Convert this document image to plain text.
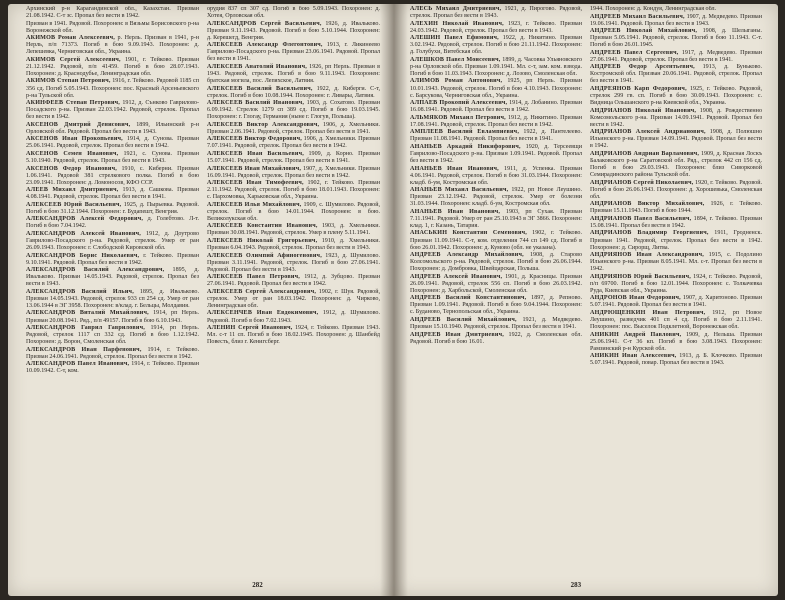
Архинский р-н Карагандинской обл., Казахстан. Призван 21.08.1942. С-т зс. Пропал без вести в 1942.
Призван в 1941. Рядовой. Похоронен: в Вязьмы Борисовского р-на Воронежской обл.
АКИМОВ Роман Алексеевич, р. Нерль. Призван в 1941, р-н Нерль, п/п 71373. Погиб в бою 9.09.1943. Похоронен: д. Лепешевка, Черниговская обл., Украина.
АКИМОВ Сергей Алексеевич, 1901, г. Тейково. Призван 21.12.1942. Рядовой, п/п 41459. Погиб в бою 28.07.1943. Похоронен: д. Краснодубье, Ленинградская обл.
АКИМОВ Степан Петрович, 1916, г. Тейково. Рядовой 1185 сп 356 сд. Погиб 5.05.1943. Похоронен: пос. Красный Арсеньевского р-на Тульской обл.
АКИНФЕЕВ Степан Петрович, 1912, д. Сънково Гаврилово-Посадского р-на. Призван 22.03.1942. Рядовой, стрелок. Пропал без вести в 1942.
АКСЕНОВ Дмитрий Денисович, 1899, Ильинский р-н Орловской обл. Рядовой. Пропал без вести в 1943.
АКСЕНОВ Иван Прокопьевич, 1914, д. Сунова. Призван 25.06.1941. Рядовой, стрелок. Пропал без вести в 1942.
АКСЕНОВ Семен Иванович, 1921, с. Сунова. Призван 5.10.1940. Рядовой, стрелок. Пропал без вести в 1943.
АКСЕНОВ Федор Иванович, 1910, с. Киберни. Призван 1.06.1941. Рядовой 381 стрелкового полка. Погиб в бою 23.09.1941. Похоронен: д. Ломоносов, КФО ССР.
АЛЕЕВ Михаил Дмитриевич, 1913, д. Сашкова. Призван 4.08.1941. Рядовой, стрелок. Пропал без вести в 1941.
АЛЕКСЕЕВ Юрий Васильевич, 1925, д. Пырьевка. Рядовой. Погиб в бою 31.12.1944. Похоронен: г. Будапешт, Венгрия.
АЛЕКСАНДРОВ Алексей Федорович, д. Голебтово. Л-т. Погиб в бою 7.04.1942.
АЛЕКСАНДРОВ Алексей Иванович, 1912, д. Доутрово Гаврилово-Посадского р-на. Рядовой, стрелок. Умер от ран 26.09.1943. Похоронен: г. Слободской Кировской обл.
АЛЕКСАНДРОВ Борис Николаевич, г. Тейково. Призван 9.10.1941. Рядовой. Пропал без вести в 1942.
АЛЕКСАНДРОВ Василий Александрович, 1895, д. Ивальково. Призван 14.05.1943. Рядовой, стрелок. Пропал без вести в 1943.
АЛЕКСАНДРОВ Василий Ильич, 1895, д. Ивальково. Призван 14.05.1943. Рядовой, стрелок 933 сп 254 сд. Умер от ран 13.06.1944 в ЭГ 3958. Похоронен: в/клад. г. Бельцы, Молдавия.
АЛЕКСАНДРОВ Виталий Михайлович, 1914, рп Нерль. Призван 20.08.1941. Ряд., п/п 49157. Погиб в бою 6.10.1943.
АЛЕКСАНДРОВ Гаврил Гаврилович, 1914, рп Нерль. Рядовой, стрелок 1117 сп 332 сд. Погиб в бою 1.12.1942. Похоронен: д. Ворон, Смоленская обл.
АЛЕКСАНДРОВ Иван Парфенович, 1914, г. Тейково. Призван 24.06.1941. Рядовой, стрелок. Пропал без вести в 1942.
АЛЕКСАНДРОВ Павел Иванович, 1914, г. Тейково. Призван 10.09.1942. С-т, ком.
орудия 837 сп 307 сд. Погиб в бою 5.09.1943. Похоронен: д. Хотея, Орловская обл.
АЛЕКСАНДРОВ Сергей Васильевич, 1926, д. Ивальково. Призван 9.11.1943. Рядовой. Погиб в бою 5.10.1944. Похоронен: д. Керешегд, Венгрия.
АЛЕКСЕЕВ Александр Флегонтович, 1913, г. Ликинеево Гаврилово-Посадского р-на. Призван 23.06.1941. Рядовой. Пропал без вести в 1941.
АЛЕКСЕЕВ Анатолий Иванович, 1926, рп Нерль. Призван в 1943. Рядовой, стрелок. Погиб в бою 9.11.1943. Похоронен: братская могила, пос. Лепяхское, Латвия.
АЛЕКСЕЕВ Василий Васильевич, 1922, д. Киберги. С-т, стрелок. Погиб в бою 10.08.1944. Похоронен: г. Ливары, Латвия.
АЛЕКСЕЕВ Василий Иванович, 1903, д. Сохатово. Призван 6.09.1942. Стрелок 1279 сп 389 сд. Погиб в бою 19.03.1945. Похоронен: г. Глогау, Германия (ныне г. Глогув, Польша).
АЛЕКСЕЕВ Виктор Александрович, 1906, д. Хмельники. Призван 2.06.1941. Рядовой, стрелок. Пропал без вести в 1941.
АЛЕКСЕЕВ Виктор Федорович, 1906, д. Хмельники. Призван 7.07.1941. Рядовой, стрелок. Пропал без вести в 1942.
АЛЕКСЕЕВ Иван Васильевич, 1909, д. Корно. Призван 15.07.1941. Рядовой, стрелок. Пропал без вести в 1941.
АЛЕКСЕЕВ Иван Михайлович, 1907, д. Хмельники. Призван 16.09.1941. Рядовой, стрелок. Пропал без вести в 1942.
АЛЕКСЕЕВ Иван Тимофеевич, 1902, г. Тейково. Призван 2.11.1942. Рядовой, стрелок. Погиб в бою 18.01.1943. Похоронен: с. Пархомовка, Харьковская обл., Украина.
АЛЕКСЕЕВ Илья Михайлович, 1909, с. Шумилово. Рядовой, стрелок. Погиб в бою 14.01.1944. Похоронен: в бою. Великолукская обл.
АЛЕКСЕЕВ Константин Иванович, 1903, д. Хмельники. Призван 30.08.1941. Рядовой, стрелок. Умер в плену 5.11.1941.
АЛЕКСЕЕВ Николай Григорьевич, 1910, д. Хмельники. Призван 6.04.1943. Рядовой, стрелок. Пропал без вести в 1943.
АЛЕКСЕЕВ Олимпий Афиногенович, 1923, д. Шумилово. Призван 3.11.1941. Рядовой, стрелок. Погиб в бою 27.06.1941. Рядовой. Пропал без вести в 1943.
АЛЕКСЕЕВ Павел Петрович, 1912, д. Зубцово. Призван 27.06.1941. Рядовой. Пропал без вести в 1942.
АЛЕКСЕЕВ Сергей Александрович, 1902, г. Шуя. Рядовой, стрелок. Умер от ран 18.03.1942. Похоронен: д. Чирково, Ленинградская обл.
АЛЕКСЕНЧЕВ Иван Евдокимович, 1912, д. Шумилово. Рядовой. Погиб в бою 7.02.1943.
АЛЕНИН Сергей Иванович, 1924, г. Тейково. Призван 1943. Мл. с-т 11 сп. Погиб в бою 18.02.1945. Похоронен: д. Шанбейд Повесть, близ г. Кенигсберг.
282
АЛЕСЬ Михаил Дмитриевич, 1921, д. Пирогово. Рядовой, стрелок. Пропал без вести в 1943.
АЛЕХИН Николай Иванович, 1923, г. Тейково. Призван 24.03.1942. Рядовой, стрелок. Пропал без вести в 1943.
АЛЕШИН Павел Ефимович, 1922, д. Никитино. Призван 3.02.1942. Рядовой, стрелок. Погиб в бою 21.11.1942. Похоронен: д. Голубухи, Витебская обл.
АЛЕШКОВ Павел Моисеевич, 1899, д. Часовка Ульяновского р-на Орловской обл. Призван 1.09.1941. Мл. с-т, зам. ком. взвода. Погиб в бою 11.03.1943. Похоронен: д. Лозово, Смоленская обл.
АЛИМОВ Роман Антонович, 1925, рп Нерль. Призван 10.01.1943. Рядовой, стрелок. Погиб в бою 4.10.1943. Похоронен: с. Барсукова, Черниговская обл., Украина.
АЛПАЕВ Прокопий Алексеевич, 1914, д. Лобанино. Призван 16.08.1941. Рядовой. Пропал без вести в 1942.
АЛЬМЯКОВ Михаил Петрович, 1912, д. Никитино. Призван 17.08.1941. Рядовой, стрелок. Пропал без вести в 1942.
АМПЛЕЕВ Василий Евлампиевич, 1922, д. Пантелеево. Призван 11.08.1941. Рядовой. Пропал без вести в 1941.
АНАНЬЕВ Аркадий Никифорович, 1920, д. Терсеевщи Гаврилово-Посадского р-на. Призван 1.09.1941. Рядовой. Пропал без вести в 1942.
АНАНЬЕВ Иван Иванович, 1911, д. Успенка. Призван 4.06.1941. Рядовой, стрелок. Погиб в бою 31.03.1944. Похоронен: кладб. б-ум, Костромская обл.
АНАНЬЕВ Михаил Васильевич, 1922, рп Новое Леушино. Призван 23.12.1942. Рядовой, стрелок. Умер от болезни 31.03.1944. Похоронен: кладб. б-ум, Костромская обл.
АНАНЬЕВ Иван Иванович, 1903, рп Сухая. Призван 7.11.1941. Рядовой. Умер от ран 25.10.1943 в ЭГ 3866. Похоронен: клад. 1, г. Казань, Татария.
АНАСЬКИН Константин Семенович, 1902, г. Тейково. Призван 11.09.1941. С-т, ком. отделения 744 сп 149 сд. Погиб в бою 26.01.1942. Похоронен: д. Кумово (обл. не указана).
АНДРЕЕВ Александр Михайлович, 1908, д. Старово Колсомольского р-на. Рядовой, стрелок. Погиб в бою 26.06.1944. Похоронен: д. Домбровка, Швейцарская, Польша.
АНДРЕЕВ Алексей Иванович, 1901, д. Красницы. Призван 26.09.1941. Рядовой, стрелок 556 сп. Погиб в бою 26.03.1942. Похоронен: д. Харбольской, Смоленская обл.
АНДРЕЕВ Василий Константинович, 1897, д. Репново. Призван 1.09.1941. Рядовой. Погиб в бою 9.04.1944. Похоронен: с. Буданово, Тернопольская обл., Украина.
АНДРЕЕВ Василий Михайлович, 1921, д. Медведево. Призван 15.10.1940. Рядовой, стрелок. Пропал без вести в 1941.
АНДРЕЕВ Иван Дмитриевич, 1922, д. Смоленская обл. Рядовой. Погиб в бою 16.01.
1944. Похоронен: д. Кондуя, Ленинградская обл.
АНДРЕЕВ Михаил Васильевич, 1907, д. Медведево. Призван 19.06.1941. Рядовой. Пропал без вести в 1943.
АНДРЕЕВ Николай Михайлович, 1908, д. Шелыганы. Призван 5.05.1941. Рядовой, стрелок. Погиб в бою 11.1943. С-т. Погиб в бою 26.01.1945.
АНДРЕЕВ Павел Сергеевич, 1917, д. Медведево. Призван 27.06.1941. Рядовой, стрелок. Пропал без вести в 1941.
АНДРЕЕВ Федор Арсентьевич, 1913, д. Буньково. Костромской обл. Призван 20.06.1941. Рядовой, стрелок. Пропал без вести в 1941.
АНДРЕЯНОВ Карп Федорович, 1925, г. Тейково. Рядовой, стрелок 299 гв. сп. Погиб в бою 30.09.1943. Похоронен: с. Видница Ольшанского р-на Киевской обл., Украина.
АНДРИАНОВ Николай Иванович, 1908, д. Рождественно Комсомольского р-на. Призван 14.09.1941. Рядовой. Пропал без вести в 1942.
АНДРИАНОВ Алексей Андрианович, 1908, д. Полюшно Ильинского р-на. Призван 14.09.1941. Рядовой. Пропал без вести в 1942.
АНДРИАНОВ Андриан Варламович, 1909, д. Красная Лоскъ Балаковского р-на Саратовской обл. Ряд., стрелок 442 сп 156 сд. Погиб в бою 29.03.1943. Похоронен: близ Сиворковой Семирадинского района Тульской обл.
АНДРИАНОВ Сергей Николаевич, 1920, г. Тейково. Рядовой. Погиб в бою 26.06.1943. Похоронен: д. Хорошевька, Смоленская обл.
АНДРИАНОВ Виктор Михайлович, 1926, г. Тейково. Призван 15.11.1943. Погиб в бою 1944.
АНДРИАНОВ Павел Васильевич, 1894, г. Тейково. Призван 15.08.1941. Пропал без вести в 1942.
АНДРИАНОВ Владимир Георгиевич, 1911, Гродненск. Призван 1941. Рядовой, стрелок. Пропал без вести в 1942. Похоронен: д. Сирорщ, Литва.
АНДРИЯНОВ Иван Александрович, 1915, с. Подолино Ильинского р-на. Призван 8.05.1941. Мл. с-т. Пропал без вести в 1942.
АНДРИЯНОВ Юрий Васильевич, 1924, г. Тейково. Рядовой, п/п 69700. Погиб в бою 12.01.1944. Похоронен: с. Толкачевка Руда, Киевская обл., Украина.
АНДРОНОВ Иван Федорович, 1907, д. Харитоново. Призван 5.07.1941. Рядовой. Пропал без вести в 1941.
АНДРЮЩЕНКИН Иван Петрович, 1912, рп Новое Леушино, разведчик 401 сп 4 сд. Погиб в бою 2.11.1941. Похоронен: пос. Выселок Подклетной, Воронежская обл.
АНИКИН Андрей Павлович, 1909, д. Нельша. Призван 25.06.1941. С-т 36 кп. Погиб в бою 3.08.1943. Похоронен: Рамзинский р-н Курской обл.
АНИКИН Иван Алексеевич, 1913, д. Б. Клочково. Призван 5.07.1941. Рядовой, повар. Пропал без вести в 1943.
283
